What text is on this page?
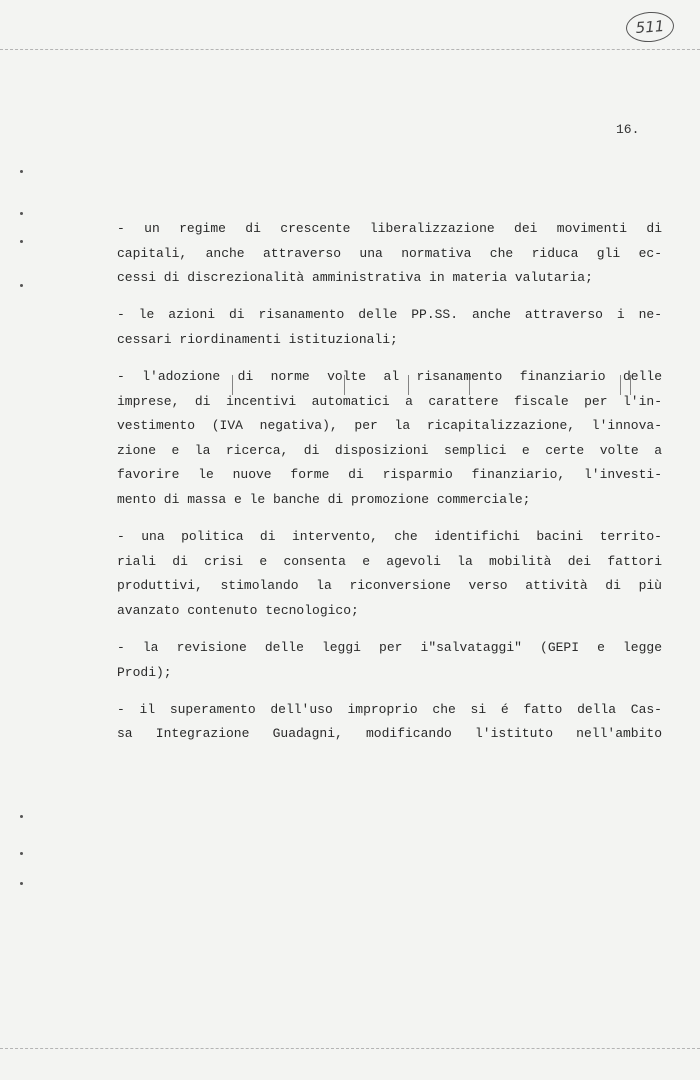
511
16.
- un regime di crescente liberalizzazione dei movimenti di
capitali, anche attraverso una normativa che riduca gli ec-
cessi di discrezionalità amministrativa in materia valutaria;
- le azioni di risanamento delle PP.SS. anche attraverso i ne-
cessari riordinamenti istituzionali;
- l'adozione di norme volte al risanamento finanziario delle
imprese, di incentivi automatici a carattere fiscale per l'in-
vestimento (IVA negativa), per la ricapitalizzazione, l'innova-
zione e la ricerca, di disposizioni semplici e certe volte a
favorire le nuove forme di risparmio finanziario, l'investi-
mento di massa e le banche di promozione commerciale;
- una politica di intervento, che identifichi bacini territo-
riali di crisi e consenta e agevoli la mobilità dei fattori
produttivi, stimolando la riconversione verso attività di più
avanzato contenuto tecnologico;
- la revisione delle leggi per i"salvataggi" (GEPI e legge
Prodi);
- il superamento dell'uso improprio che si é fatto della Cas-
sa Integrazione Guadagni, modificando l'istituto nell'ambito
